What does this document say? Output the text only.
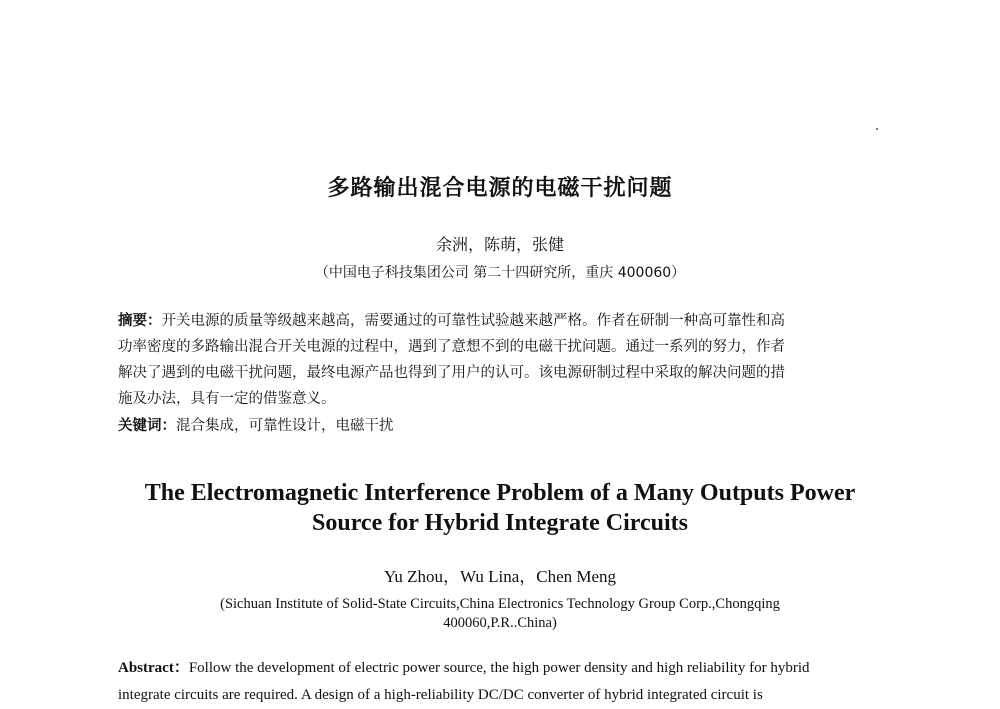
多路输出混合电源的电磁干扰问题
余洲，陈萌，张健
（中国电子科技集团公司 第二十四研究所，重庆 400060）
摘要：开关电源的质量等级越来越高，需要通过的可靠性试验越来越严格。作者在研制一种高可靠性和高
功率密度的多路输出混合开关电源的过程中，遇到了意想不到的电磁干扰问题。通过一系列的努力，作者
解决了遇到的电磁干扰问题，最终电源产品也得到了用户的认可。该电源研制过程中采取的解决问题的措
施及办法，具有一定的借鉴意义。
关键词：混合集成，可靠性设计，电磁干扰
The Electromagnetic Interference Problem of a Many Outputs Power
Source for Hybrid Integrate Circuits
Yu Zhou，Wu Lina，Chen Meng
(Sichuan Institute of Solid-State Circuits,China Electronics Technology Group Corp.,Chongqing
400060,P.R..China)
Abstract：Follow the development of electric power source, the high power density and high reliability for hybrid
integrate circuits are required. A design of a high-reliability DC/DC converter of hybrid integrated circuit is
